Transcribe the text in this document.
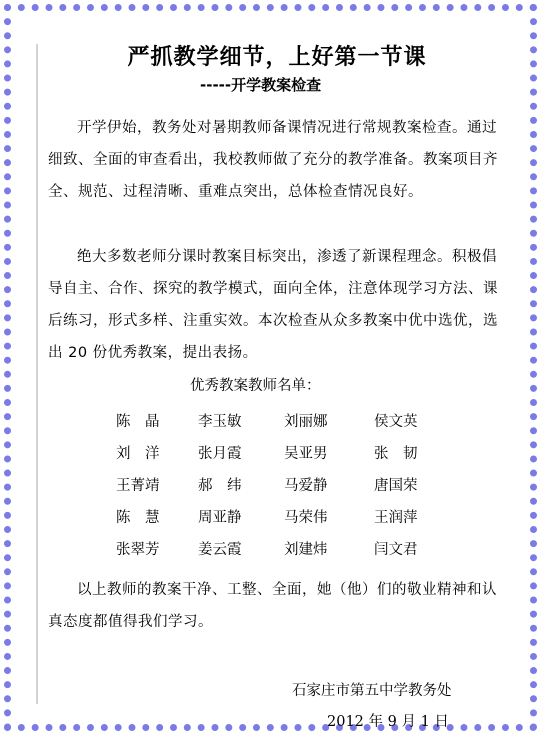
严抓教学细节，上好第一节课
-----开学教案检查

开学伊始，教务处对暑期教师备课情况进行常规教案检查。通过细致、全面的审查看出，我校教师做了充分的教学准备。教案项目齐全、规范、过程清晰、重难点突出，总体检查情况良好。

绝大多数老师分课时教案目标突出，渗透了新课程理念。积极倡导自主、合作、探究的教学模式，面向全体，注意体现学习方法、课后练习，形式多样、注重实效。本次检查从众多教案中优中选优，选出 20 份优秀教案，提出表扬。

优秀教案教师名单：
陈　晶	李玉敏	刘丽娜	侯文英
刘　洋	张月霞	吴亚男	张　韧
王菁靖	郝　纬	马爱静	唐国荣
陈　慧	周亚静	马荣伟	王润萍
张翠芳	姜云霞	刘建炜	闫文君

以上教师的教案干净、工整、全面，她（他）们的敬业精神和认真态度都值得我们学习。

石家庄市第五中学教务处
2012 年 9 月 1 日
